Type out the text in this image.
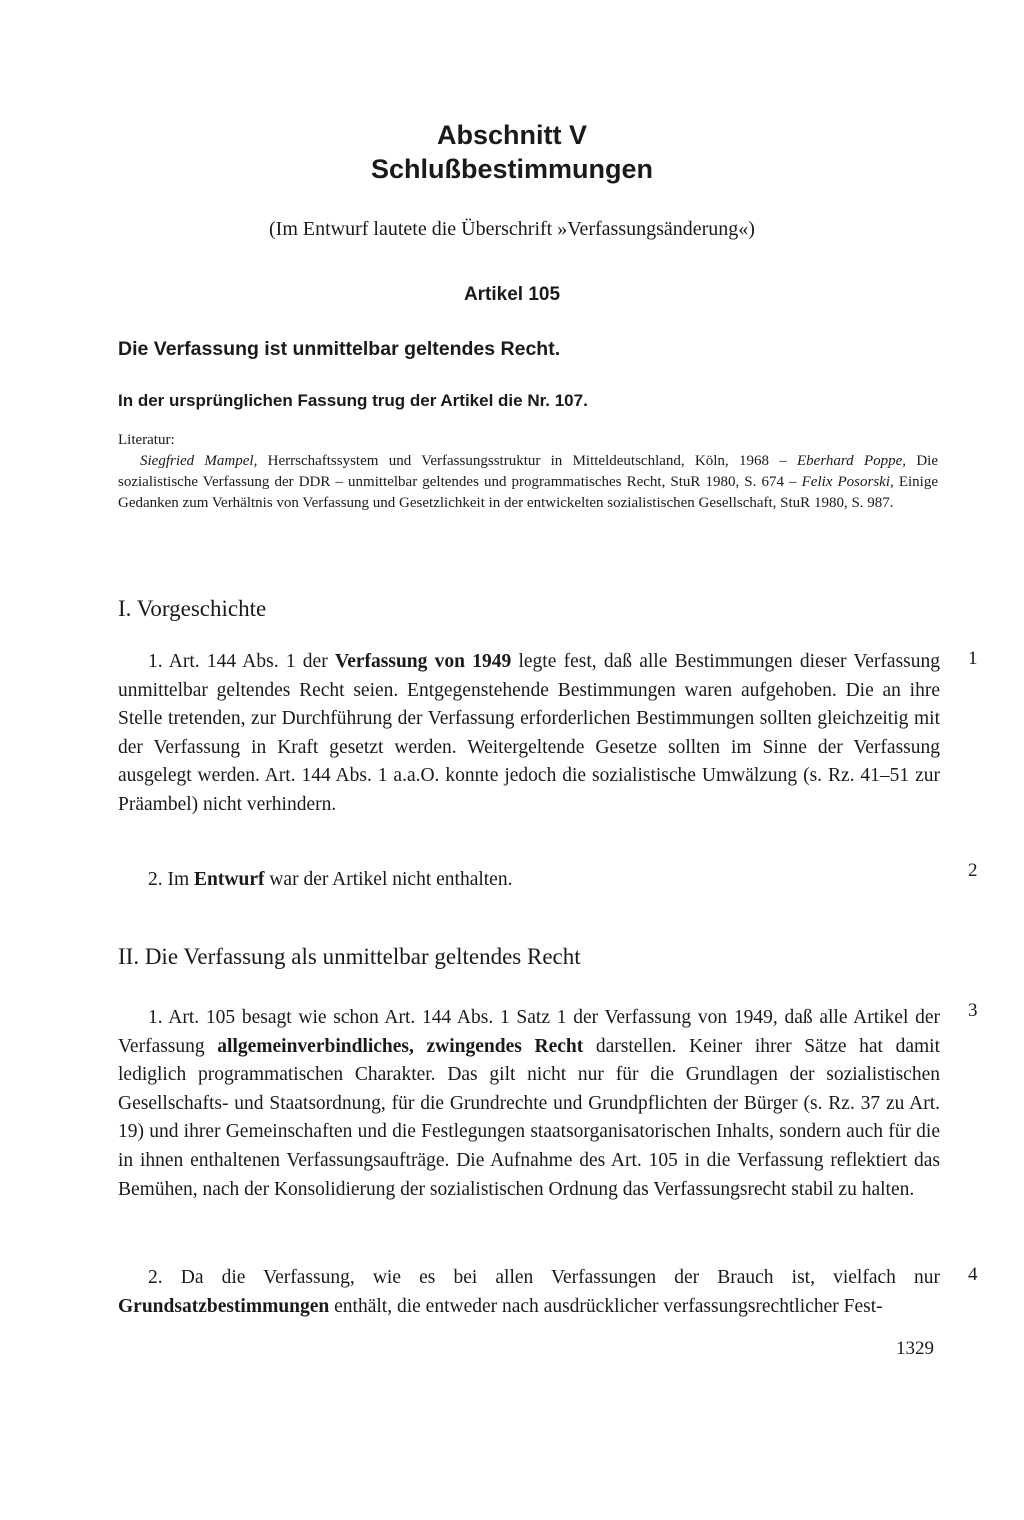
Abschnitt V
Schlußbestimmungen
(Im Entwurf lautete die Überschrift »Verfassungsänderung«)
Artikel 105
Die Verfassung ist unmittelbar geltendes Recht.
In der ursprünglichen Fassung trug der Artikel die Nr. 107.
Literatur:
Siegfried Mampel, Herrschaftssystem und Verfassungsstruktur in Mitteldeutschland, Köln, 1968 – Eberhard Poppe, Die sozialistische Verfassung der DDR – unmittelbar geltendes und programmatisches Recht, StuR 1980, S. 674 – Felix Posorski, Einige Gedanken zum Verhältnis von Verfassung und Gesetzlichkeit in der entwickelten sozialistischen Gesellschaft, StuR 1980, S. 987.
I. Vorgeschichte
1. Art. 144 Abs. 1 der Verfassung von 1949 legte fest, daß alle Bestimmungen dieser Verfassung unmittelbar geltendes Recht seien. Entgegenstehende Bestimmungen waren aufgehoben. Die an ihre Stelle tretenden, zur Durchführung der Verfassung erforderlichen Bestimmungen sollten gleichzeitig mit der Verfassung in Kraft gesetzt werden. Weitergeltende Gesetze sollten im Sinne der Verfassung ausgelegt werden. Art. 144 Abs. 1 a.a.O. konnte jedoch die sozialistische Umwälzung (s. Rz. 41–51 zur Präambel) nicht verhindern.
1
2. Im Entwurf war der Artikel nicht enthalten.	2
II. Die Verfassung als unmittelbar geltendes Recht
1. Art. 105 besagt wie schon Art. 144 Abs. 1 Satz 1 der Verfassung von 1949, daß alle Artikel der Verfassung allgemeinverbindliches, zwingendes Recht darstellen. Keiner ihrer Sätze hat damit lediglich programmatischen Charakter. Das gilt nicht nur für die Grundlagen der sozialistischen Gesellschafts- und Staatsordnung, für die Grundrechte und Grundpflichten der Bürger (s. Rz. 37 zu Art. 19) und ihrer Gemeinschaften und die Festlegungen staatsorganisatorischen Inhalts, sondern auch für die in ihnen enthaltenen Verfassungsaufträge. Die Aufnahme des Art. 105 in die Verfassung reflektiert das Bemühen, nach der Konsolidierung der sozialistischen Ordnung das Verfassungsrecht stabil zu halten.
3
2. Da die Verfassung, wie es bei allen Verfassungen der Brauch ist, vielfach nur Grundsatzbestimmungen enthält, die entweder nach ausdrücklicher verfassungsrechtlicher Fest-
4
1329
